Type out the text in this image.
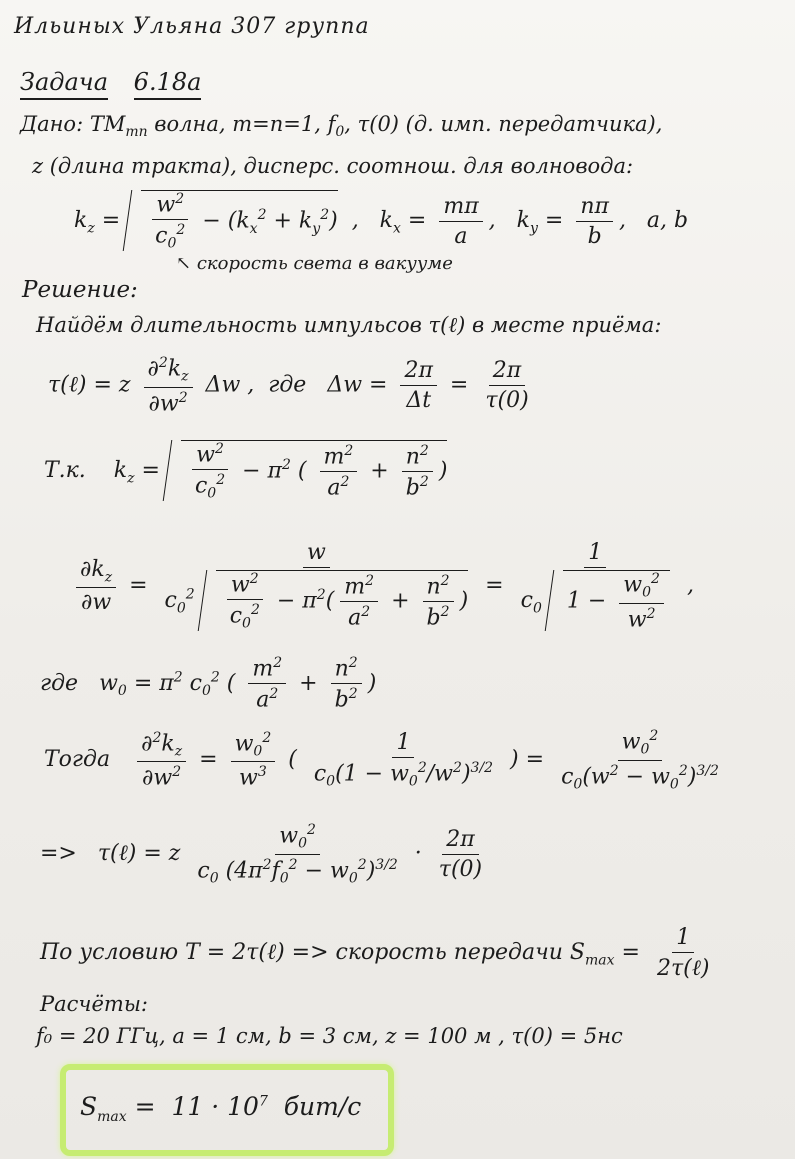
Ильиных Ульяна 307 группа
Задача 6.18а
Дано: $TM_{mn}$ волна, m=n=1, $f_0$, τ(0) (д. имп. передатчика),
z (длина тракта), дисперс. соотнош. для волновода:
$k_z = \frac{w^2}{c_0^2} - (k_x^2 + k_y^2)$  ,   $k_x = \frac{m\pi}{a}$ ,   $k_y = \frac{n\pi}{b}$ ,   a, b
↖ скорость света в вакууме
Решение:
Найдём длительность импульсов τ(ℓ) в месте приёма:
τ(ℓ) = z $\frac{\partial^2k_z}{\partial w^2}$ Δw ,  где   $\Delta w = \frac{2\pi}{\Delta t} = \frac{2\pi}{\tau(0)}$
Т.к.    $k_z = \frac{w^2}{c_0^2} - \pi^2$ ( $\frac{m^2}{a^2} + \frac{n^2}{b^2}$ )
$\frac{\partial k_z}{\partial w} = \frac{w}{c_0^2 \frac{w^2}{c_0^2} - \pi^2( \frac{m^2}{a^2} + \frac{n^2}{b^2} )} = \frac{1}{c_0 1 - \frac{w_0^2}{w^2}}$ ,
где   $w_0 = \pi^2$ $c_0^2$ ( $\frac{m^2}{a^2} + \frac{n^2}{b^2}$ )
Тогда $\frac{\partial^2k_z}{\partial w^2} = \frac{w_0^2}{w^3}$ ( $\frac{1}{c_0(1 - w_0^2/w^2)^{3/2}}$ ) = $\frac{w_0^2}{c_0(w^2 - w_0^2)^{3/2}}$
=>   τ(ℓ) = z $\frac{w_0^2}{c_0 (4\pi^2f_0^2 - w_0^2)^{3/2}} \cdot \frac{2\pi}{\tau(0)}$
По условию T = 2τ(ℓ) => скорость передачи $S_{max} = \frac{1}{\text{2τ(ℓ)}}$
Расчёты:
f₀ = 20 ГГц, a = 1 см, b = 3 см, z = 100 м , τ(0) = 5нс
$S_{max} = 11 \cdot 10^7$ бит/с
